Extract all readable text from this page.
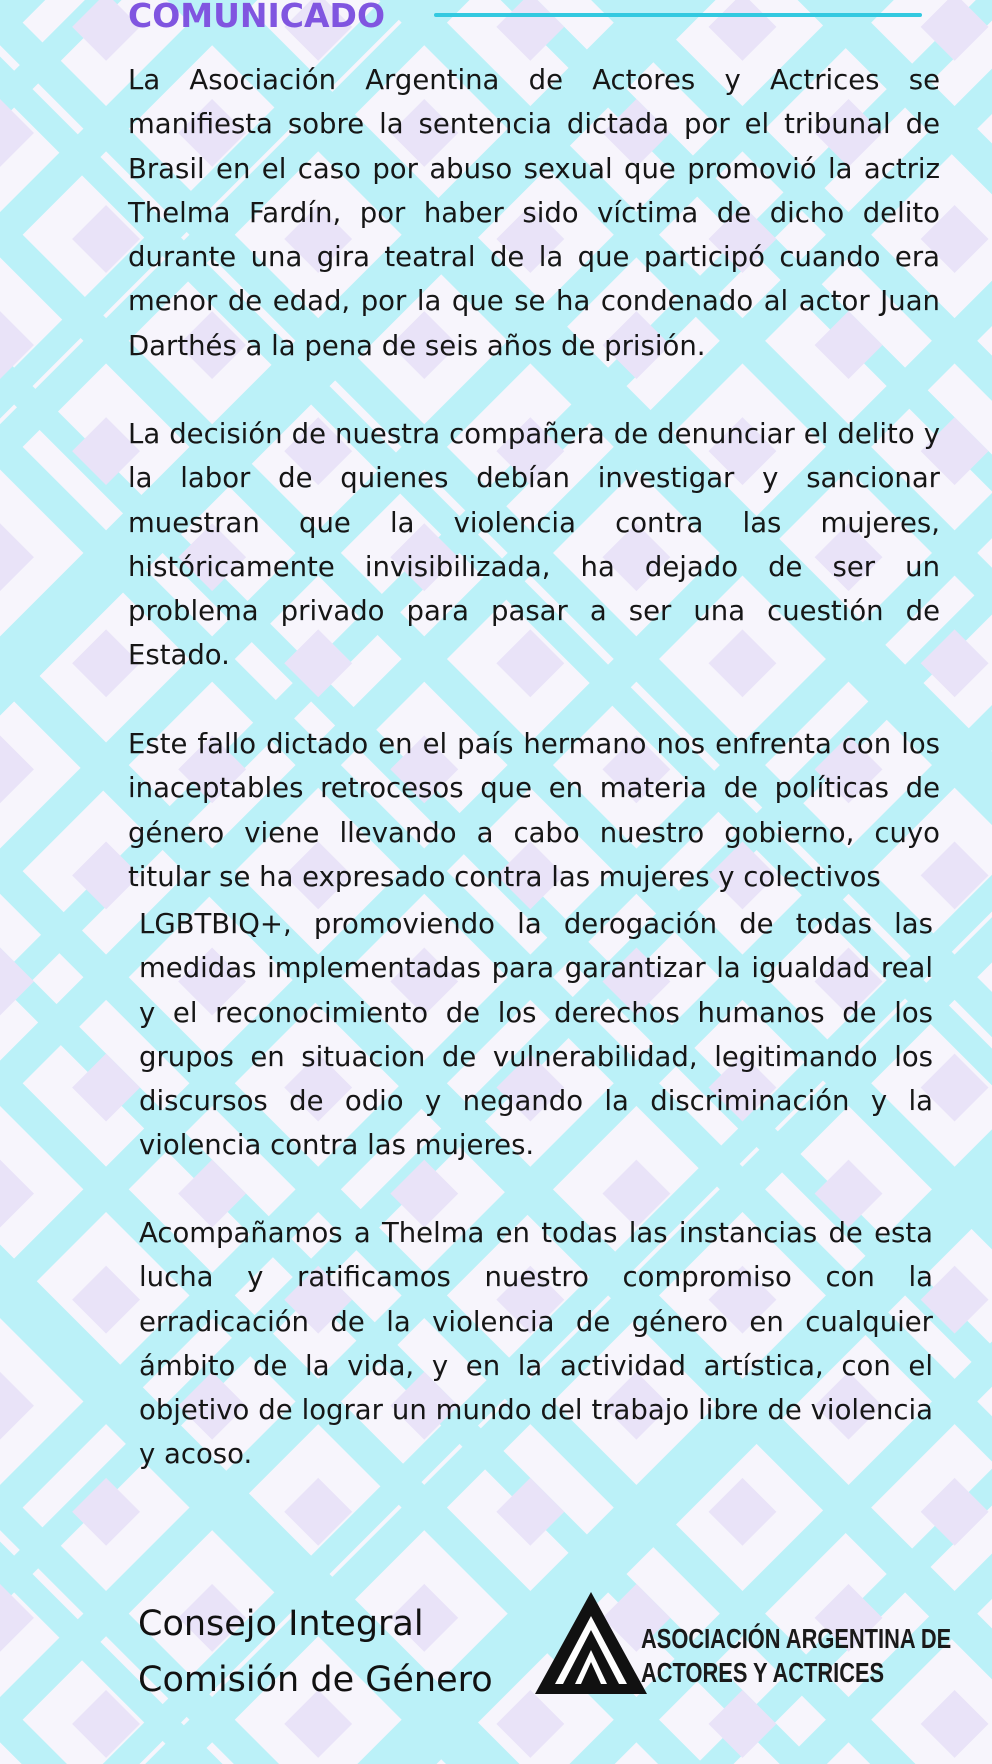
COMUNICADO

La Asociación Argentina de Actores y Actrices se manifiesta sobre la sentencia dictada por el tribunal de Brasil en el caso por abuso sexual que promovió la actriz Thelma Fardín, por haber sido víctima de dicho delito durante una gira teatral de la que participó cuando era menor de edad, por la que se ha condenado al actor Juan Darthés a la pena de seis años de prisión.

La decisión de nuestra compañera de denunciar el delito y la labor de quienes debían investigar y sancionar muestran que la violencia contra las mujeres, históricamente invisibilizada, ha dejado de ser un problema privado para pasar a ser una cuestión de Estado.

Este fallo dictado en el país hermano nos enfrenta con los inaceptables retrocesos que en materia de políticas de género viene llevando a cabo nuestro gobierno, cuyo titular se ha expresado contra las mujeres y colectivos

LGBTBIQ+, promoviendo la derogación de todas las medidas implementadas para garantizar la igualdad real y el reconocimiento de los derechos humanos de los grupos en situacion de vulnerabilidad, legitimando los discursos de odio y negando la discriminación y la violencia contra las mujeres.

Acompañamos a Thelma en todas las instancias de esta lucha y ratificamos nuestro compromiso con la erradicación de la violencia de género en cualquier ámbito de la vida, y en la actividad artística, con el objetivo de lograr un mundo del trabajo libre de violencia y acoso.

Consejo Integral
Comisión de Género
ASOCIACIÓN ARGENTINA DE
ACTORES Y ACTRICES
